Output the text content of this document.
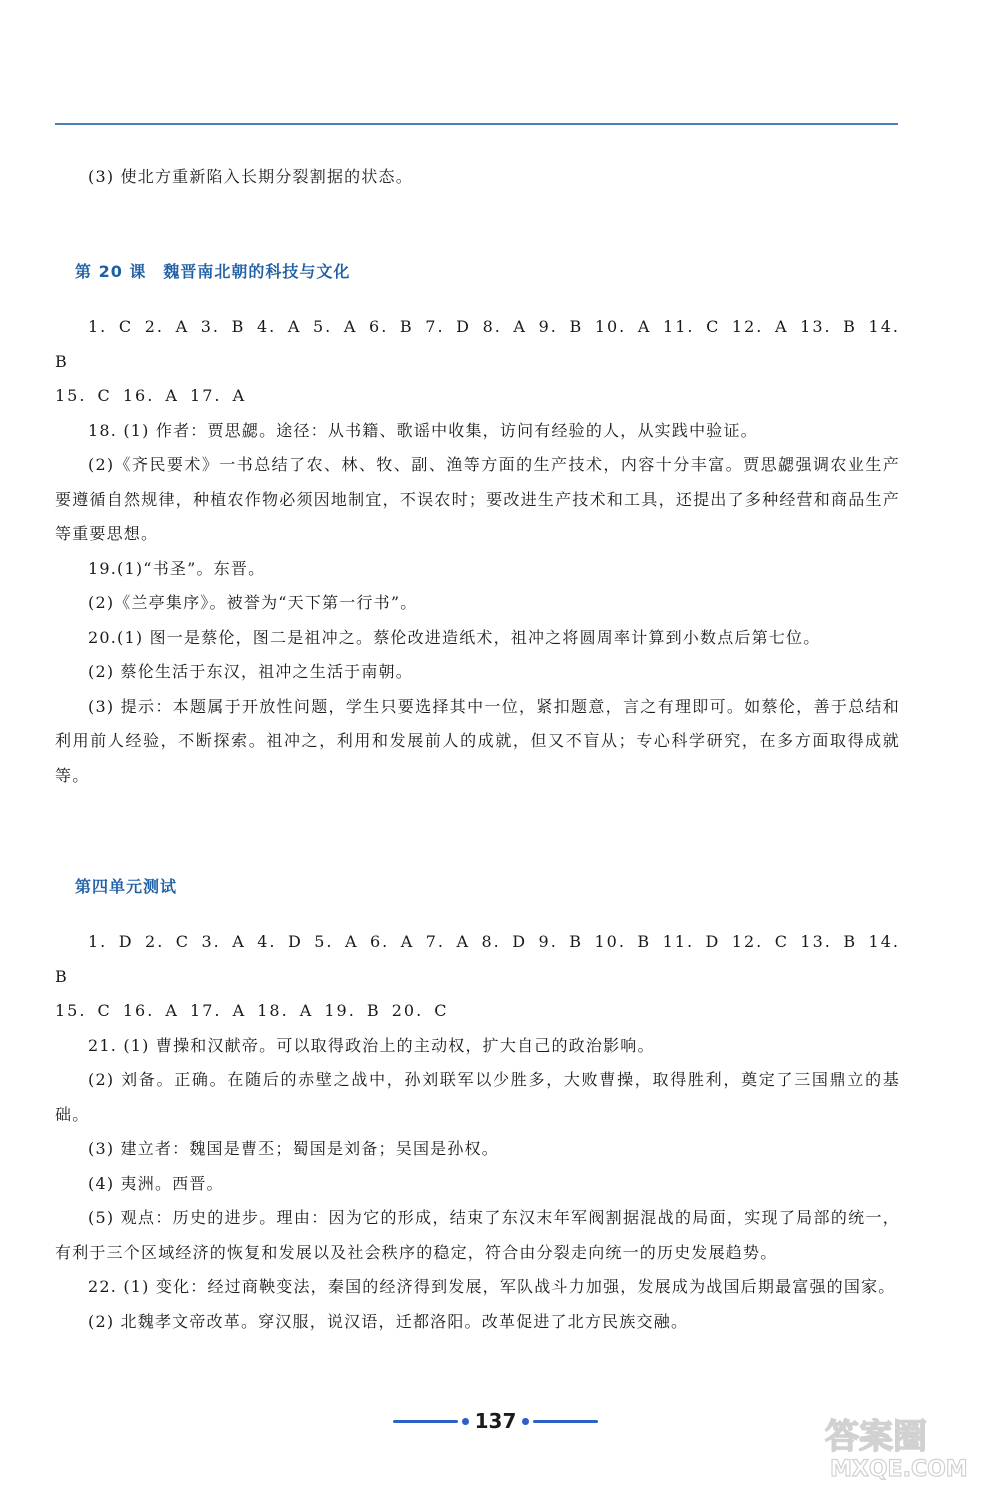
(3) 使北方重新陷入长期分裂割据的状态。

第 20 课　魏晋南北朝的科技与文化

1. C 2. A 3. B 4. A 5. A 6. B 7. D 8. A 9. B 10. A 11. C 12. A 13. B 14. B

15. C 16. A 17. A

18. (1) 作者：贾思勰。途径：从书籍、歌谣中收集，访问有经验的人，从实践中验证。

(2)《齐民要术》一书总结了农、林、牧、副、渔等方面的生产技术，内容十分丰富。贾思勰强调农业生产要遵循自然规律，种植农作物必须因地制宜，不误农时；要改进生产技术和工具，还提出了多种经营和商品生产等重要思想。

19.(1)“书圣”。东晋。

(2)《兰亭集序》。被誉为“天下第一行书”。

20.(1) 图一是蔡伦，图二是祖冲之。蔡伦改进造纸术，祖冲之将圆周率计算到小数点后第七位。

(2) 蔡伦生活于东汉，祖冲之生活于南朝。

(3) 提示：本题属于开放性问题，学生只要选择其中一位，紧扣题意，言之有理即可。如蔡伦，善于总结和利用前人经验，不断探索。祖冲之，利用和发展前人的成就，但又不盲从；专心科学研究，在多方面取得成就等。

第四单元测试

1. D 2. C 3. A 4. D 5. A 6. A 7. A 8. D 9. B 10. B 11. D 12. C 13. B 14. B

15. C 16. A 17. A 18. A 19. B 20. C

21. (1) 曹操和汉献帝。可以取得政治上的主动权，扩大自己的政治影响。

(2) 刘备。正确。在随后的赤壁之战中，孙刘联军以少胜多，大败曹操，取得胜利，奠定了三国鼎立的基础。

(3) 建立者：魏国是曹丕；蜀国是刘备；吴国是孙权。

(4) 夷洲。西晋。

(5) 观点：历史的进步。理由：因为它的形成，结束了东汉末年军阀割据混战的局面，实现了局部的统一，有利于三个区域经济的恢复和发展以及社会秩序的稳定，符合由分裂走向统一的历史发展趋势。

22. (1) 变化：经过商鞅变法，秦国的经济得到发展，军队战斗力加强，发展成为战国后期最富强的国家。

(2) 北魏孝文帝改革。穿汉服，说汉语，迁都洛阳。改革促进了北方民族交融。

137	答案圈
MXQE.COM
